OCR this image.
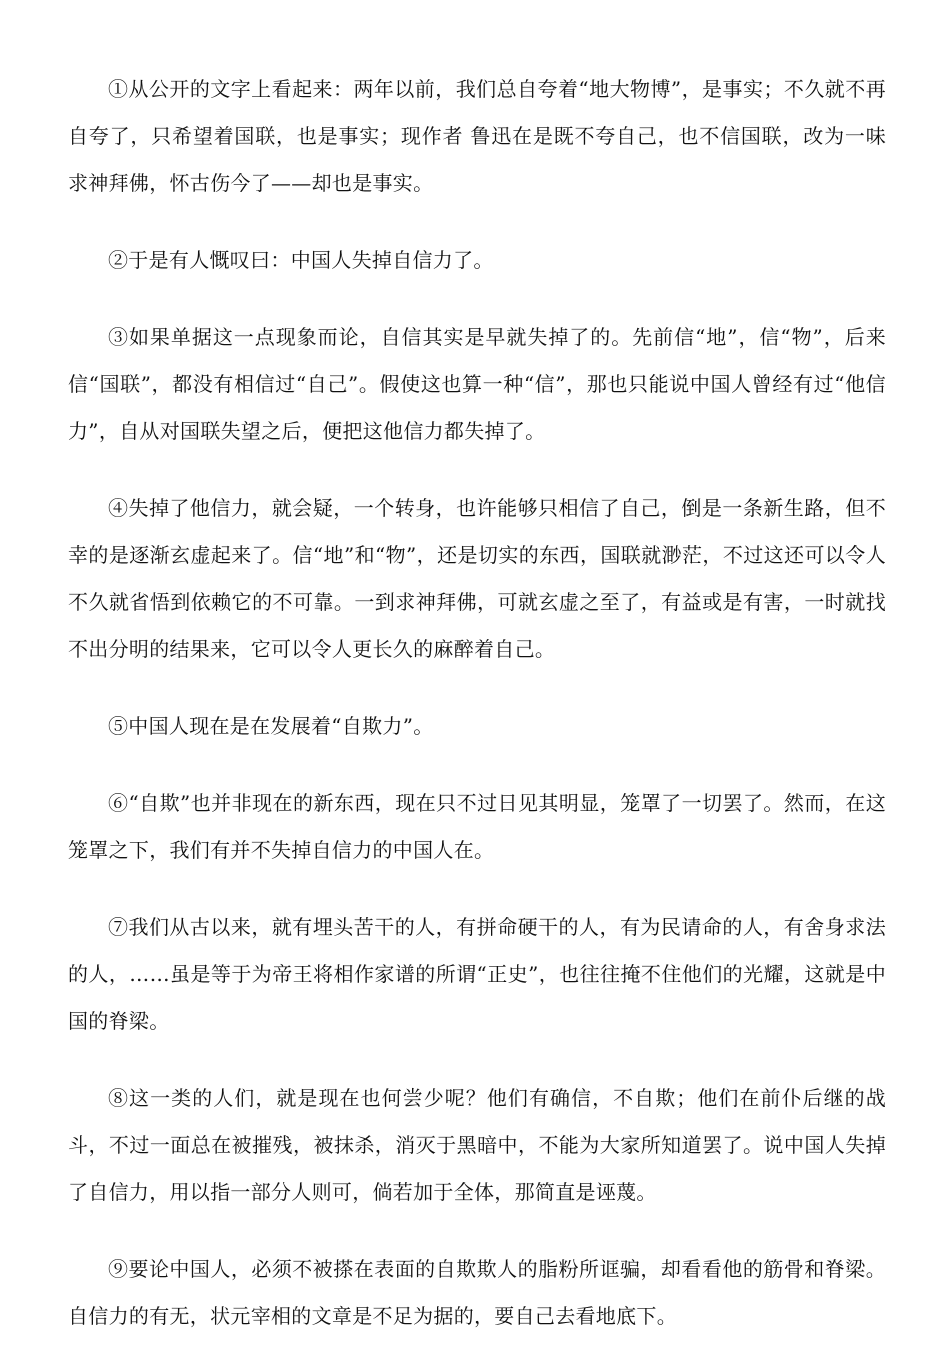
①从公开的文字上看起来：两年以前，我们总自夸着“地大物博”，是事实；不久就不再自夸了，只希望着国联，也是事实；现作者 鲁迅在是既不夸自己，也不信国联，改为一味求神拜佛，怀古伤今了——却也是事实。

②于是有人慨叹曰：中国人失掉自信力了。

③如果单据这一点现象而论，自信其实是早就失掉了的。先前信“地”，信“物”，后来信“国联”，都没有相信过“自己”。假使这也算一种“信”，那也只能说中国人曾经有过“他信力”，自从对国联失望之后，便把这他信力都失掉了。

④失掉了他信力，就会疑，一个转身，也许能够只相信了自己，倒是一条新生路，但不幸的是逐渐玄虚起来了。信“地”和“物”，还是切实的东西，国联就渺茫，不过这还可以令人不久就省悟到依赖它的不可靠。一到求神拜佛，可就玄虚之至了，有益或是有害，一时就找不出分明的结果来，它可以令人更长久的麻醉着自己。

⑤中国人现在是在发展着“自欺力”。

⑥“自欺”也并非现在的新东西，现在只不过日见其明显，笼罩了一切罢了。然而，在这笼罩之下，我们有并不失掉自信力的中国人在。

⑦我们从古以来，就有埋头苦干的人，有拼命硬干的人，有为民请命的人，有舍身求法的人，……虽是等于为帝王将相作家谱的所谓“正史”，也往往掩不住他们的光耀，这就是中国的脊梁。

⑧这一类的人们，就是现在也何尝少呢？他们有确信，不自欺；他们在前仆后继的战斗，不过一面总在被摧残，被抹杀，消灭于黑暗中，不能为大家所知道罢了。说中国人失掉了自信力，用以指一部分人则可，倘若加于全体，那简直是诬蔑。

⑨要论中国人，必须不被搽在表面的自欺欺人的脂粉所诓骗，却看看他的筋骨和脊梁。自信力的有无，状元宰相的文章是不足为据的，要自己去看地底下。
